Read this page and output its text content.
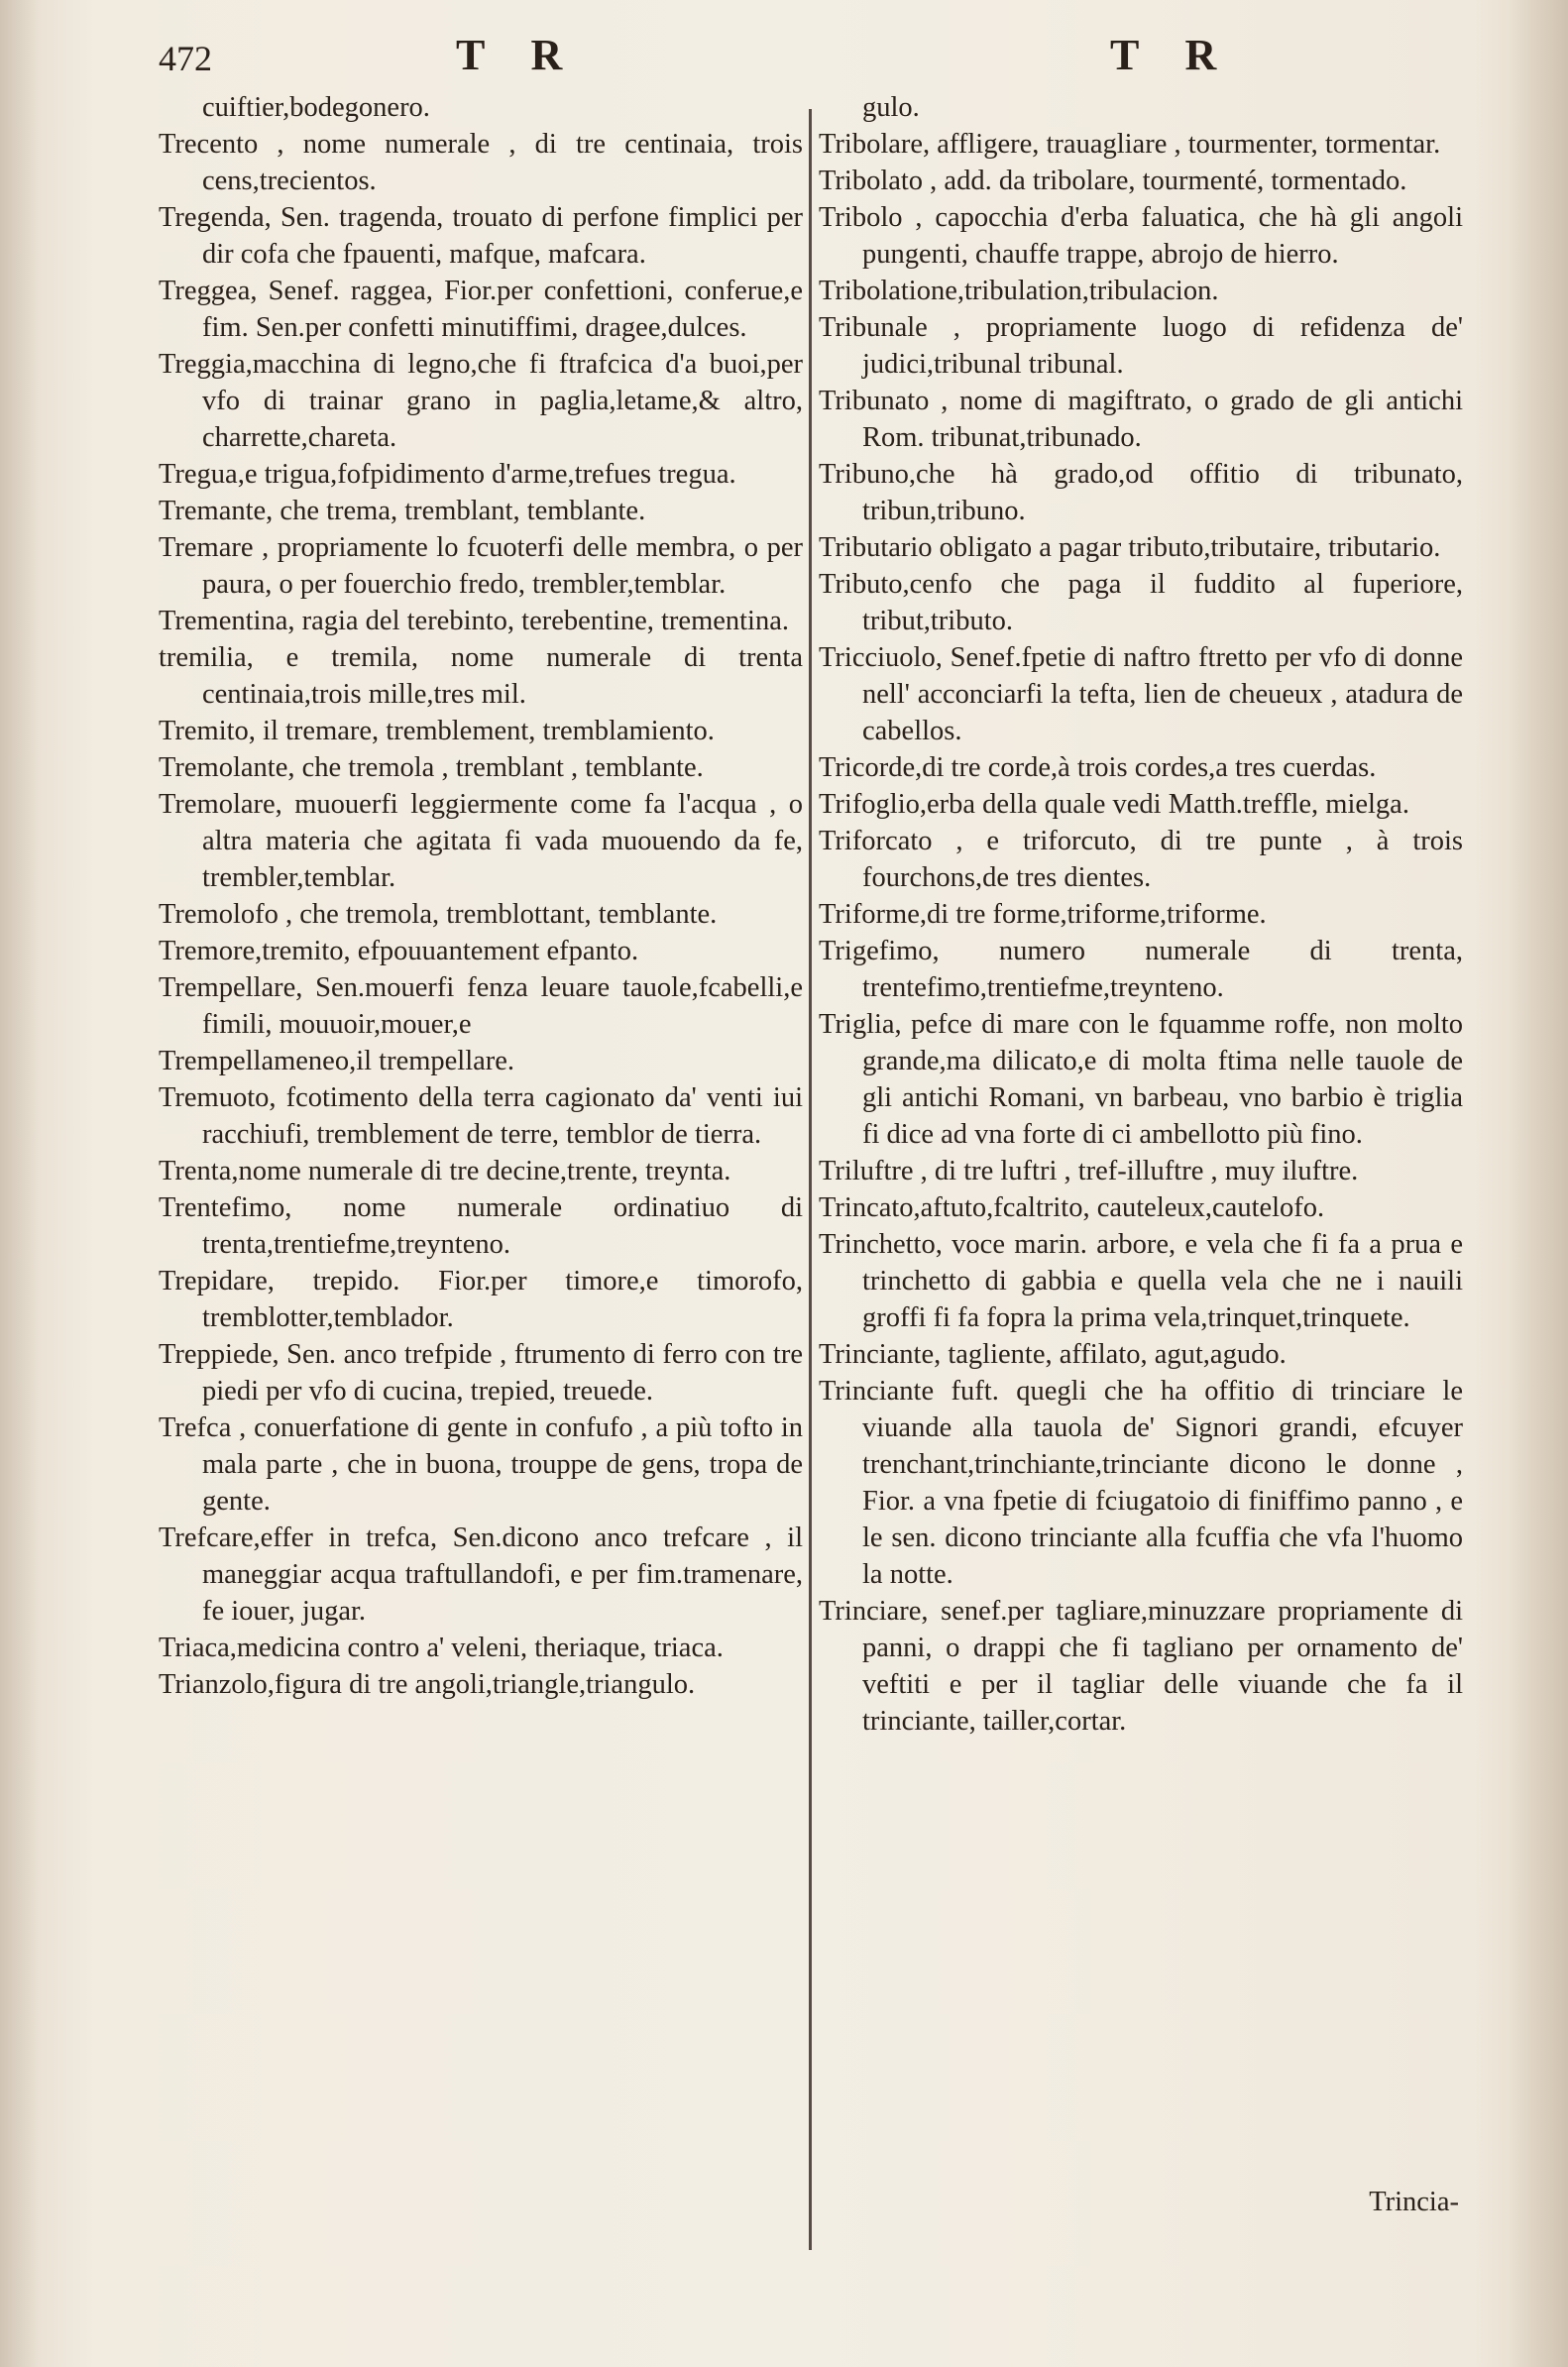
472	T R	T R

cuiftier,bodegonero.

Trecento , nome numerale , di tre centinaia, trois cens,trecientos.

Tregenda, Sen. tragenda, trouato di perfone fimplici per dir cofa che fpauenti, mafque, mafcara.

Treggea, Senef. raggea, Fior.per confettioni, conferue,e fim. Sen.per confetti minutiffimi, dragee,dulces.

Treggia,macchina di legno,che fi ftrafcica d'a buoi,per vfo di trainar grano in paglia,letame,& altro, charrette,chareta.

Tregua,e trigua,fofpidimento d'arme,trefues tregua.

Tremante, che trema, tremblant, temblante.

Tremare , propriamente lo fcuoterfi delle membra, o per paura, o per fouerchio fredo, trembler,temblar.

Trementina, ragia del terebinto, terebentine, trementina.

tremilia, e tremila, nome numerale di trenta centinaia,trois mille,tres mil.

Tremito, il tremare, tremblement, tremblamiento.

Tremolante, che tremola , tremblant , temblante.

Tremolare, muouerfi leggiermente come fa l'acqua , o altra materia che agitata fi vada muouendo da fe, trembler,temblar.

Tremolofo , che tremola, tremblottant, temblante.

Tremore,tremito, efpouuantement efpanto.

Trempellare, Sen.mouerfi fenza leuare tauole,fcabelli,e fimili, mouuoir,mouer,e

Trempellameneo,il trempellare.

Tremuoto, fcotimento della terra cagionato da' venti iui racchiufi, tremblement de terre, temblor de tierra.

Trenta,nome numerale di tre decine,trente, treynta.

Trentefimo, nome numerale ordinatiuo di trenta,trentiefme,treynteno.

Trepidare, trepido. Fior.per timore,e timorofo, tremblotter,temblador.

Treppiede, Sen. anco trefpide , ftrumento di ferro con tre piedi per vfo di cucina, trepied, treuede.

Trefca , conuerfatione di gente in confufo , a più tofto in mala parte , che in buona, trouppe de gens, tropa de gente.

Trefcare,effer in trefca, Sen.dicono anco trefcare , il maneggiar acqua traftullandofi, e per fim.tramenare, fe iouer, jugar.

Triaca,medicina contro a' veleni, theriaque, triaca.

Trianzolo,figura di tre angoli,triangle,triangulo.

gulo.

Tribolare, affligere, trauagliare , tourmenter, tormentar.

Tribolato , add. da tribolare, tourmenté, tormentado.

Tribolo , capocchia d'erba faluatica, che hà gli angoli pungenti, chauffe trappe, abrojo de hierro.

Tribolatione,tribulation,tribulacion.

Tribunale , propriamente luogo di refidenza de' judici,tribunal tribunal.

Tribunato , nome di magiftrato, o grado de gli antichi Rom. tribunat,tribunado.

Tribuno,che hà grado,od offitio di tribunato, tribun,tribuno.

Tributario obligato a pagar tributo,tributaire, tributario.

Tributo,cenfo che paga il fuddito al fuperiore, tribut,tributo.

Tricciuolo, Senef.fpetie di naftro ftretto per vfo di donne nell' acconciarfi la tefta, lien de cheueux , atadura de cabellos.

Tricorde,di tre corde,à trois cordes,a tres cuerdas.

Trifoglio,erba della quale vedi Matth.treffle, mielga.

Triforcato , e triforcuto, di tre punte , à trois fourchons,de tres dientes.

Triforme,di tre forme,triforme,triforme.

Trigefimo, numero numerale di trenta, trentefimo,trentiefme,treynteno.

Triglia, pefce di mare con le fquamme roffe, non molto grande,ma dilicato,e di molta ftima nelle tauole de gli antichi Romani, vn barbeau, vno barbio è triglia fi dice ad vna forte di ci ambellotto più fino.

Triluftre , di tre luftri , tref-illuftre , muy iluftre.

Trincato,aftuto,fcaltrito, cauteleux,cautelofo.

Trinchetto, voce marin. arbore, e vela che fi fa a prua e trinchetto di gabbia e quella vela che ne i nauili groffi fi fa fopra la prima vela,trinquet,trinquete.

Trinciante, tagliente, affilato, agut,agudo.

Trinciante fuft. quegli che ha offitio di trinciare le viuande alla tauola de' Signori grandi, efcuyer trenchant,trinchiante,trinciante dicono le donne , Fior. a vna fpetie di fciugatoio di finiffimo panno , e le sen. dicono trinciante alla fcuffia che vfa l'huomo la notte.

Trinciare, senef.per tagliare,minuzzare propriamente di panni, o drappi che fi tagliano per ornamento de' veftiti e per il tagliar delle viuande che fa il trinciante, tailler,cortar.

Trincia-
